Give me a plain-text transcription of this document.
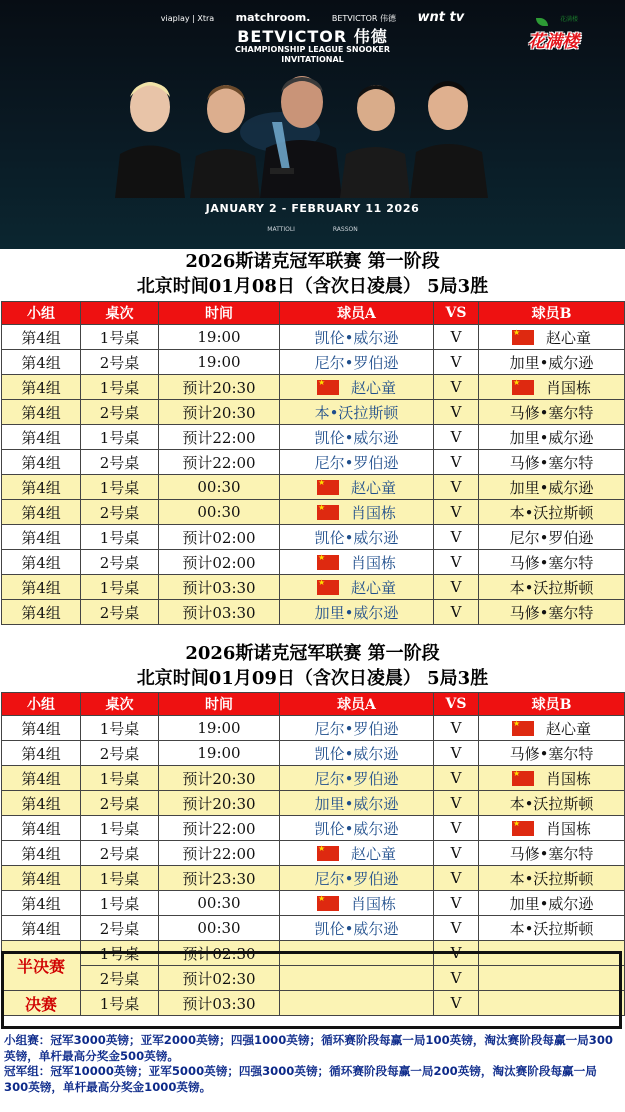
viaplay | Xtra matchroom.	BETVICTOR 伟德 wnt tv
BETVICTOR 伟德
CHAMPIONSHIP LEAGUE SNOOKER
INVITATIONAL
JANUARY 2 - FEBRUARY 11 2026
MATTIOLI	RASSON
花满楼
花满楼
2026斯诺克冠军联赛 第一阶段
北京时间01月08日（含次日凌晨） 5局3胜
小组	桌次	时间	球员A	VS	球员B
第4组	1号桌	19:00	凯伦•威尔逊	V	★赵心童
第4组	2号桌	19:00	尼尔•罗伯逊	V	加里•威尔逊
第4组	1号桌	预计20:30	★赵心童	V	★肖国栋
第4组	2号桌	预计20:30	本•沃拉斯顿	V	马修•塞尔特
第4组	1号桌	预计22:00	凯伦•威尔逊	V	加里•威尔逊
第4组	2号桌	预计22:00	尼尔•罗伯逊	V	马修•塞尔特
第4组	1号桌	00:30	★赵心童	V	加里•威尔逊
第4组	2号桌	00:30	★肖国栋	V	本•沃拉斯顿
第4组	1号桌	预计02:00	凯伦•威尔逊	V	尼尔•罗伯逊
第4组	2号桌	预计02:00	★肖国栋	V	马修•塞尔特
第4组	1号桌	预计03:30	★赵心童	V	本•沃拉斯顿
第4组	2号桌	预计03:30	加里•威尔逊	V	马修•塞尔特
2026斯诺克冠军联赛 第一阶段
北京时间01月09日（含次日凌晨） 5局3胜
小组	桌次	时间	球员A	VS	球员B
第4组	1号桌	19:00	尼尔•罗伯逊	V	★赵心童
第4组	2号桌	19:00	凯伦•威尔逊	V	马修•塞尔特
第4组	1号桌	预计20:30	尼尔•罗伯逊	V	★肖国栋
第4组	2号桌	预计20:30	加里•威尔逊	V	本•沃拉斯顿
第4组	1号桌	预计22:00	凯伦•威尔逊	V	★肖国栋
第4组	2号桌	预计22:00	★赵心童	V	马修•塞尔特
第4组	1号桌	预计23:30	尼尔•罗伯逊	V	本•沃拉斯顿
第4组	1号桌	00:30	★肖国栋	V	加里•威尔逊
第4组	2号桌	00:30	凯伦•威尔逊	V	本•沃拉斯顿
半决赛	1号桌	预计02:30		V	
	2号桌	预计02:30		V	
决赛	1号桌	预计03:30		V	
小组赛：冠军3000英镑；亚军2000英镑；四强1000英镑；循环赛阶段每赢一局100英镑，淘汰赛阶段每赢一局300英镑，单杆最高分奖金500英镑。
冠军组：冠军10000英镑；亚军5000英镑；四强3000英镑；循环赛阶段每赢一局200英镑，淘汰赛阶段每赢一局300英镑，单杆最高分奖金1000英镑。
